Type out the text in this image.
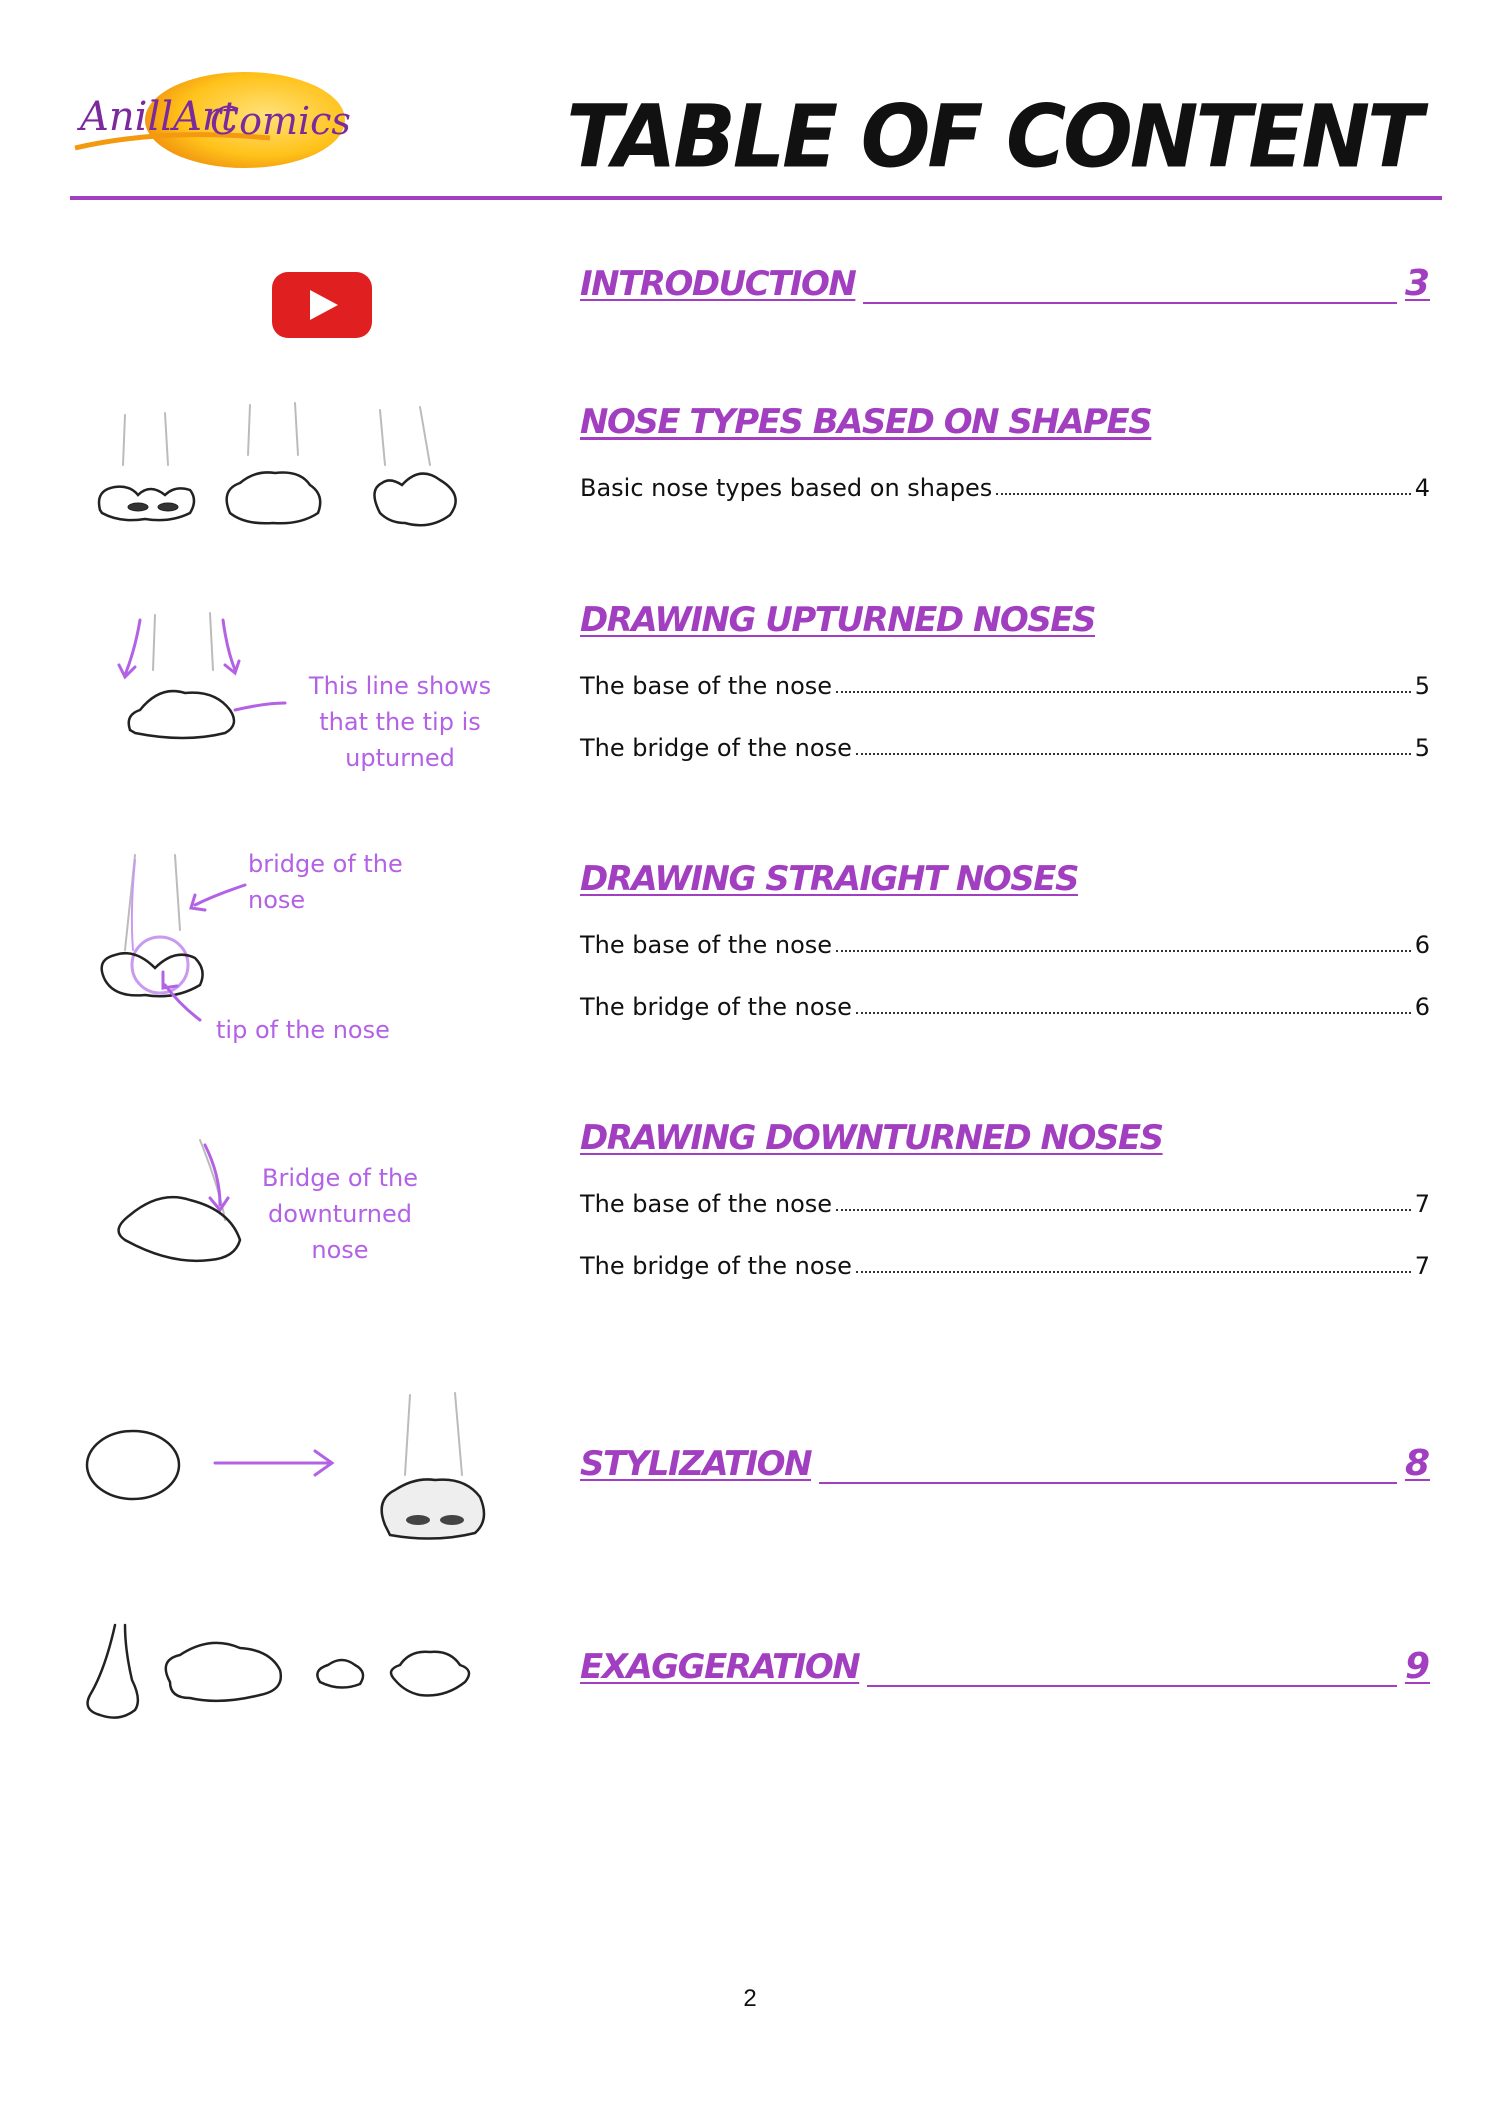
AnillArt
Comics	TABLE OF CONTENT
INTRODUCTION	3
NOSE TYPES BASED ON SHAPES
Basic nose types based on shapes	4
DRAWING UPTURNED NOSES
The base of the nose	5
The bridge of the nose	5
DRAWING STRAIGHT NOSES
The base of the nose	6
The bridge of the nose	6
DRAWING DOWNTURNED NOSES
The base of the nose	7
The bridge of the nose	7
STYLIZATION	8
EXAGGERATION	9
This line shows that the tip is upturned
bridge of the nose
tip of the nose
Bridge of the downturned nose
2
